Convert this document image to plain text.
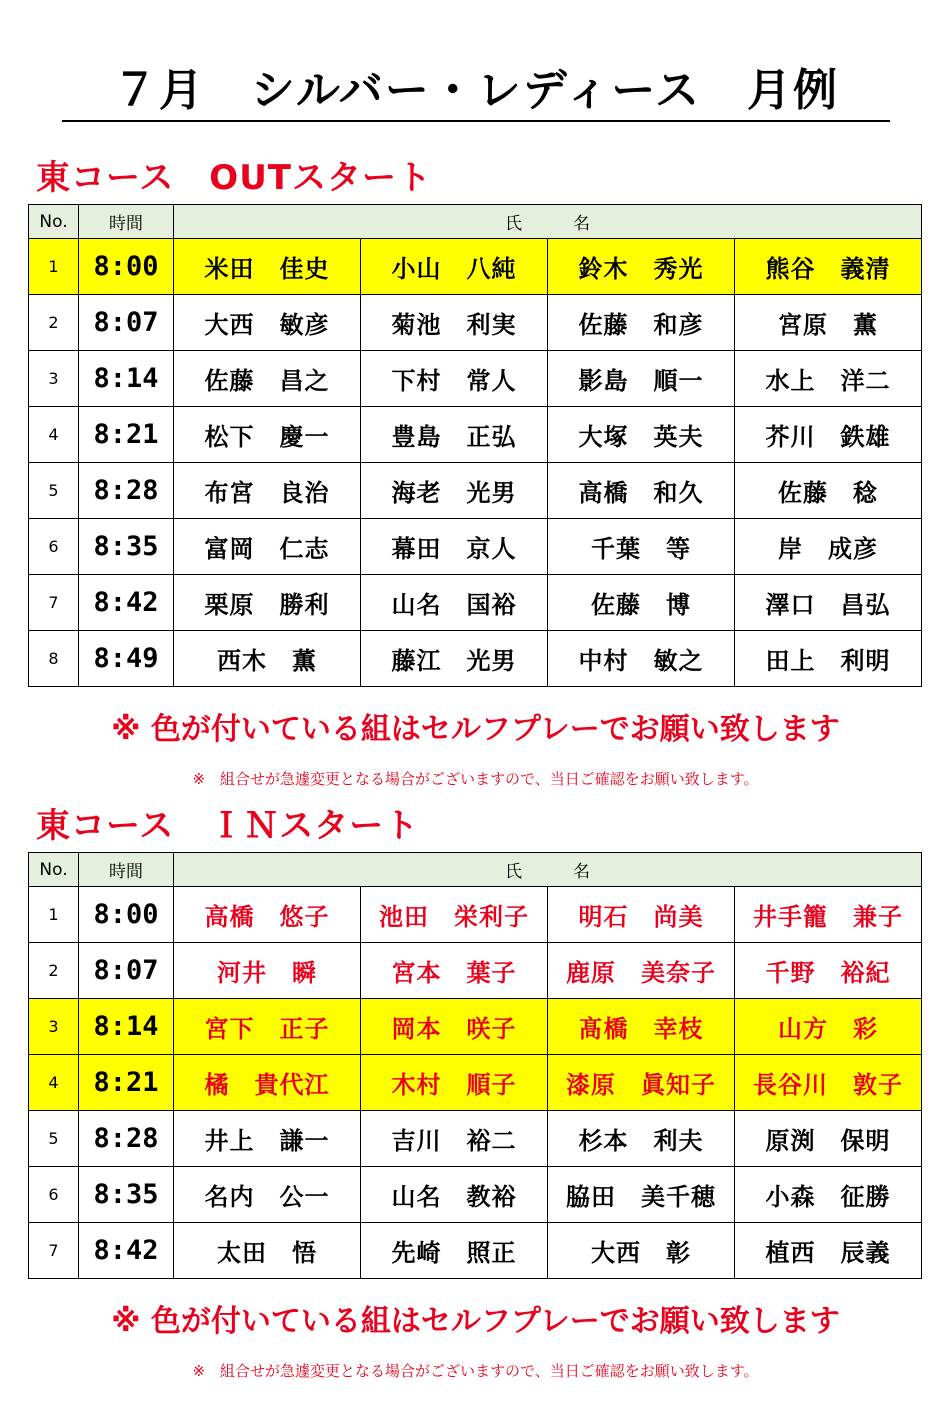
７月　シルバー・レディース　月例
東コース　OUTスタート
No.	時間	氏　　　名			
1	8:00	米田　佳史	小山　八純	鈴木　秀光	熊谷　義清
2	8:07	大西　敏彦	菊池　利実	佐藤　和彦	宮原　薫
3	8:14	佐藤　昌之	下村　常人	影島　順一	水上　洋二
4	8:21	松下　慶一	豊島　正弘	大塚　英夫	芥川　鉄雄
5	8:28	布宮　良治	海老　光男	高橋　和久	佐藤　稔
6	8:35	富岡　仁志	幕田　京人	千葉　等	岸　成彦
7	8:42	栗原　勝利	山名　国裕	佐藤　博	澤口　昌弘
8	8:49	西木　薫	藤江　光男	中村　敏之	田上　利明
※ 色が付いている組はセルフプレーでお願い致します
※　組合せが急遽変更となる場合がございますので、当日ご確認をお願い致します。
東コース　ＩＮスタート
No.	時間	氏　　　名			
1	8:00	高橋　悠子	池田　栄利子	明石　尚美	井手籠　兼子
2	8:07	河井　瞬	宮本　葉子	鹿原　美奈子	千野　裕紀
3	8:14	宮下　正子	岡本　咲子	髙橋　幸枝	山方　彩
4	8:21	橘　貴代江	木村　順子	漆原　眞知子	長谷川　敦子
5	8:28	井上　謙一	吉川　裕二	杉本　利夫	原渕　保明
6	8:35	名内　公一	山名　教裕	脇田　美千穂	小森　征勝
7	8:42	太田　悟	先崎　照正	大西　彰	植西　辰義
※ 色が付いている組はセルフプレーでお願い致します
※　組合せが急遽変更となる場合がございますので、当日ご確認をお願い致します。
